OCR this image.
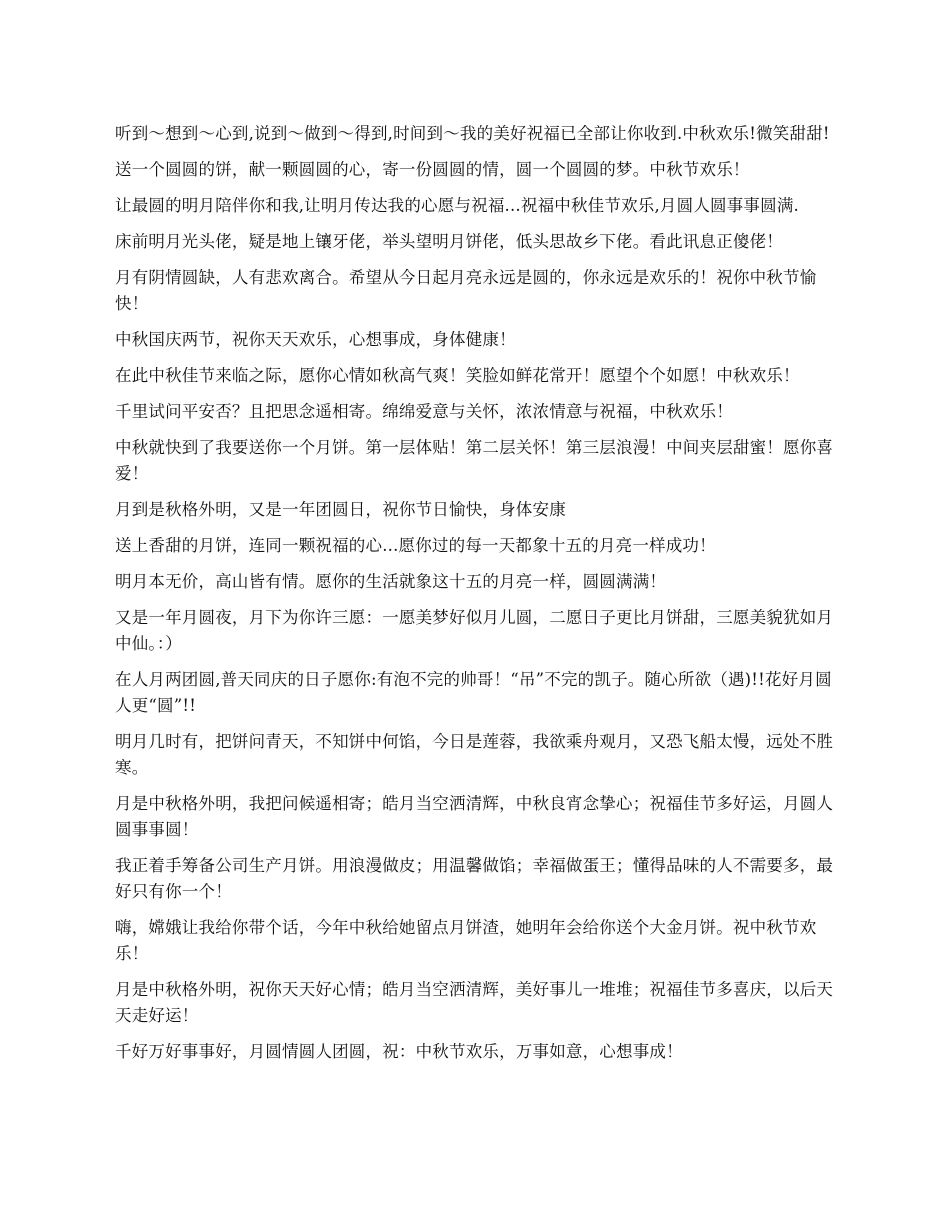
听到～想到～心到,说到～做到～得到,时间到～我的美好祝福已全部让你收到.中秋欢乐!微笑甜甜!

送一个圆圆的饼，献一颗圆圆的心，寄一份圆圆的情，圆一个圆圆的梦。中秋节欢乐！

让最圆的明月陪伴你和我,让明月传达我的心愿与祝福...祝福中秋佳节欢乐,月圆人圆事事圆满.

床前明月光头佬，疑是地上镶牙佬，举头望明月饼佬，低头思故乡下佬。看此讯息正傻佬！

月有阴情圆缺，人有悲欢离合。希望从今日起月亮永远是圆的，你永远是欢乐的！祝你中秋节愉快！

中秋国庆两节，祝你天天欢乐，心想事成，身体健康！

在此中秋佳节来临之际，愿你心情如秋高气爽！笑脸如鲜花常开！愿望个个如愿！中秋欢乐！

千里试问平安否？且把思念遥相寄。绵绵爱意与关怀，浓浓情意与祝福，中秋欢乐！

中秋就快到了我要送你一个月饼。第一层体贴！第二层关怀！第三层浪漫！中间夹层甜蜜！愿你喜爱！

月到是秋格外明，又是一年团圆日，祝你节日愉快，身体安康

送上香甜的月饼，连同一颗祝福的心...愿你过的每一天都象十五的月亮一样成功！

明月本无价，高山皆有情。愿你的生活就象这十五的月亮一样，圆圆满满！

又是一年月圆夜，月下为你许三愿：一愿美梦好似月儿圆，二愿日子更比月饼甜，三愿美貌犹如月中仙。：）

在人月两团圆,普天同庆的日子愿你:有泡不完的帅哥！“吊”不完的凯子。随心所欲（遇)!!花好月圆人更“圆”!!

明月几时有，把饼问青天，不知饼中何馅，今日是莲蓉，我欲乘舟观月，又恐飞船太慢，远处不胜寒。

月是中秋格外明，我把问候遥相寄；皓月当空洒清辉，中秋良宵念挚心；祝福佳节多好运，月圆人圆事事圆！

我正着手筹备公司生产月饼。用浪漫做皮；用温馨做馅；幸福做蛋王；懂得品味的人不需要多，最好只有你一个！

嗨，嫦娥让我给你带个话，今年中秋给她留点月饼渣，她明年会给你送个大金月饼。祝中秋节欢乐！

月是中秋格外明，祝你天天好心情；皓月当空洒清辉，美好事儿一堆堆；祝福佳节多喜庆，以后天天走好运！

千好万好事事好，月圆情圆人团圆，祝：中秋节欢乐，万事如意，心想事成！
